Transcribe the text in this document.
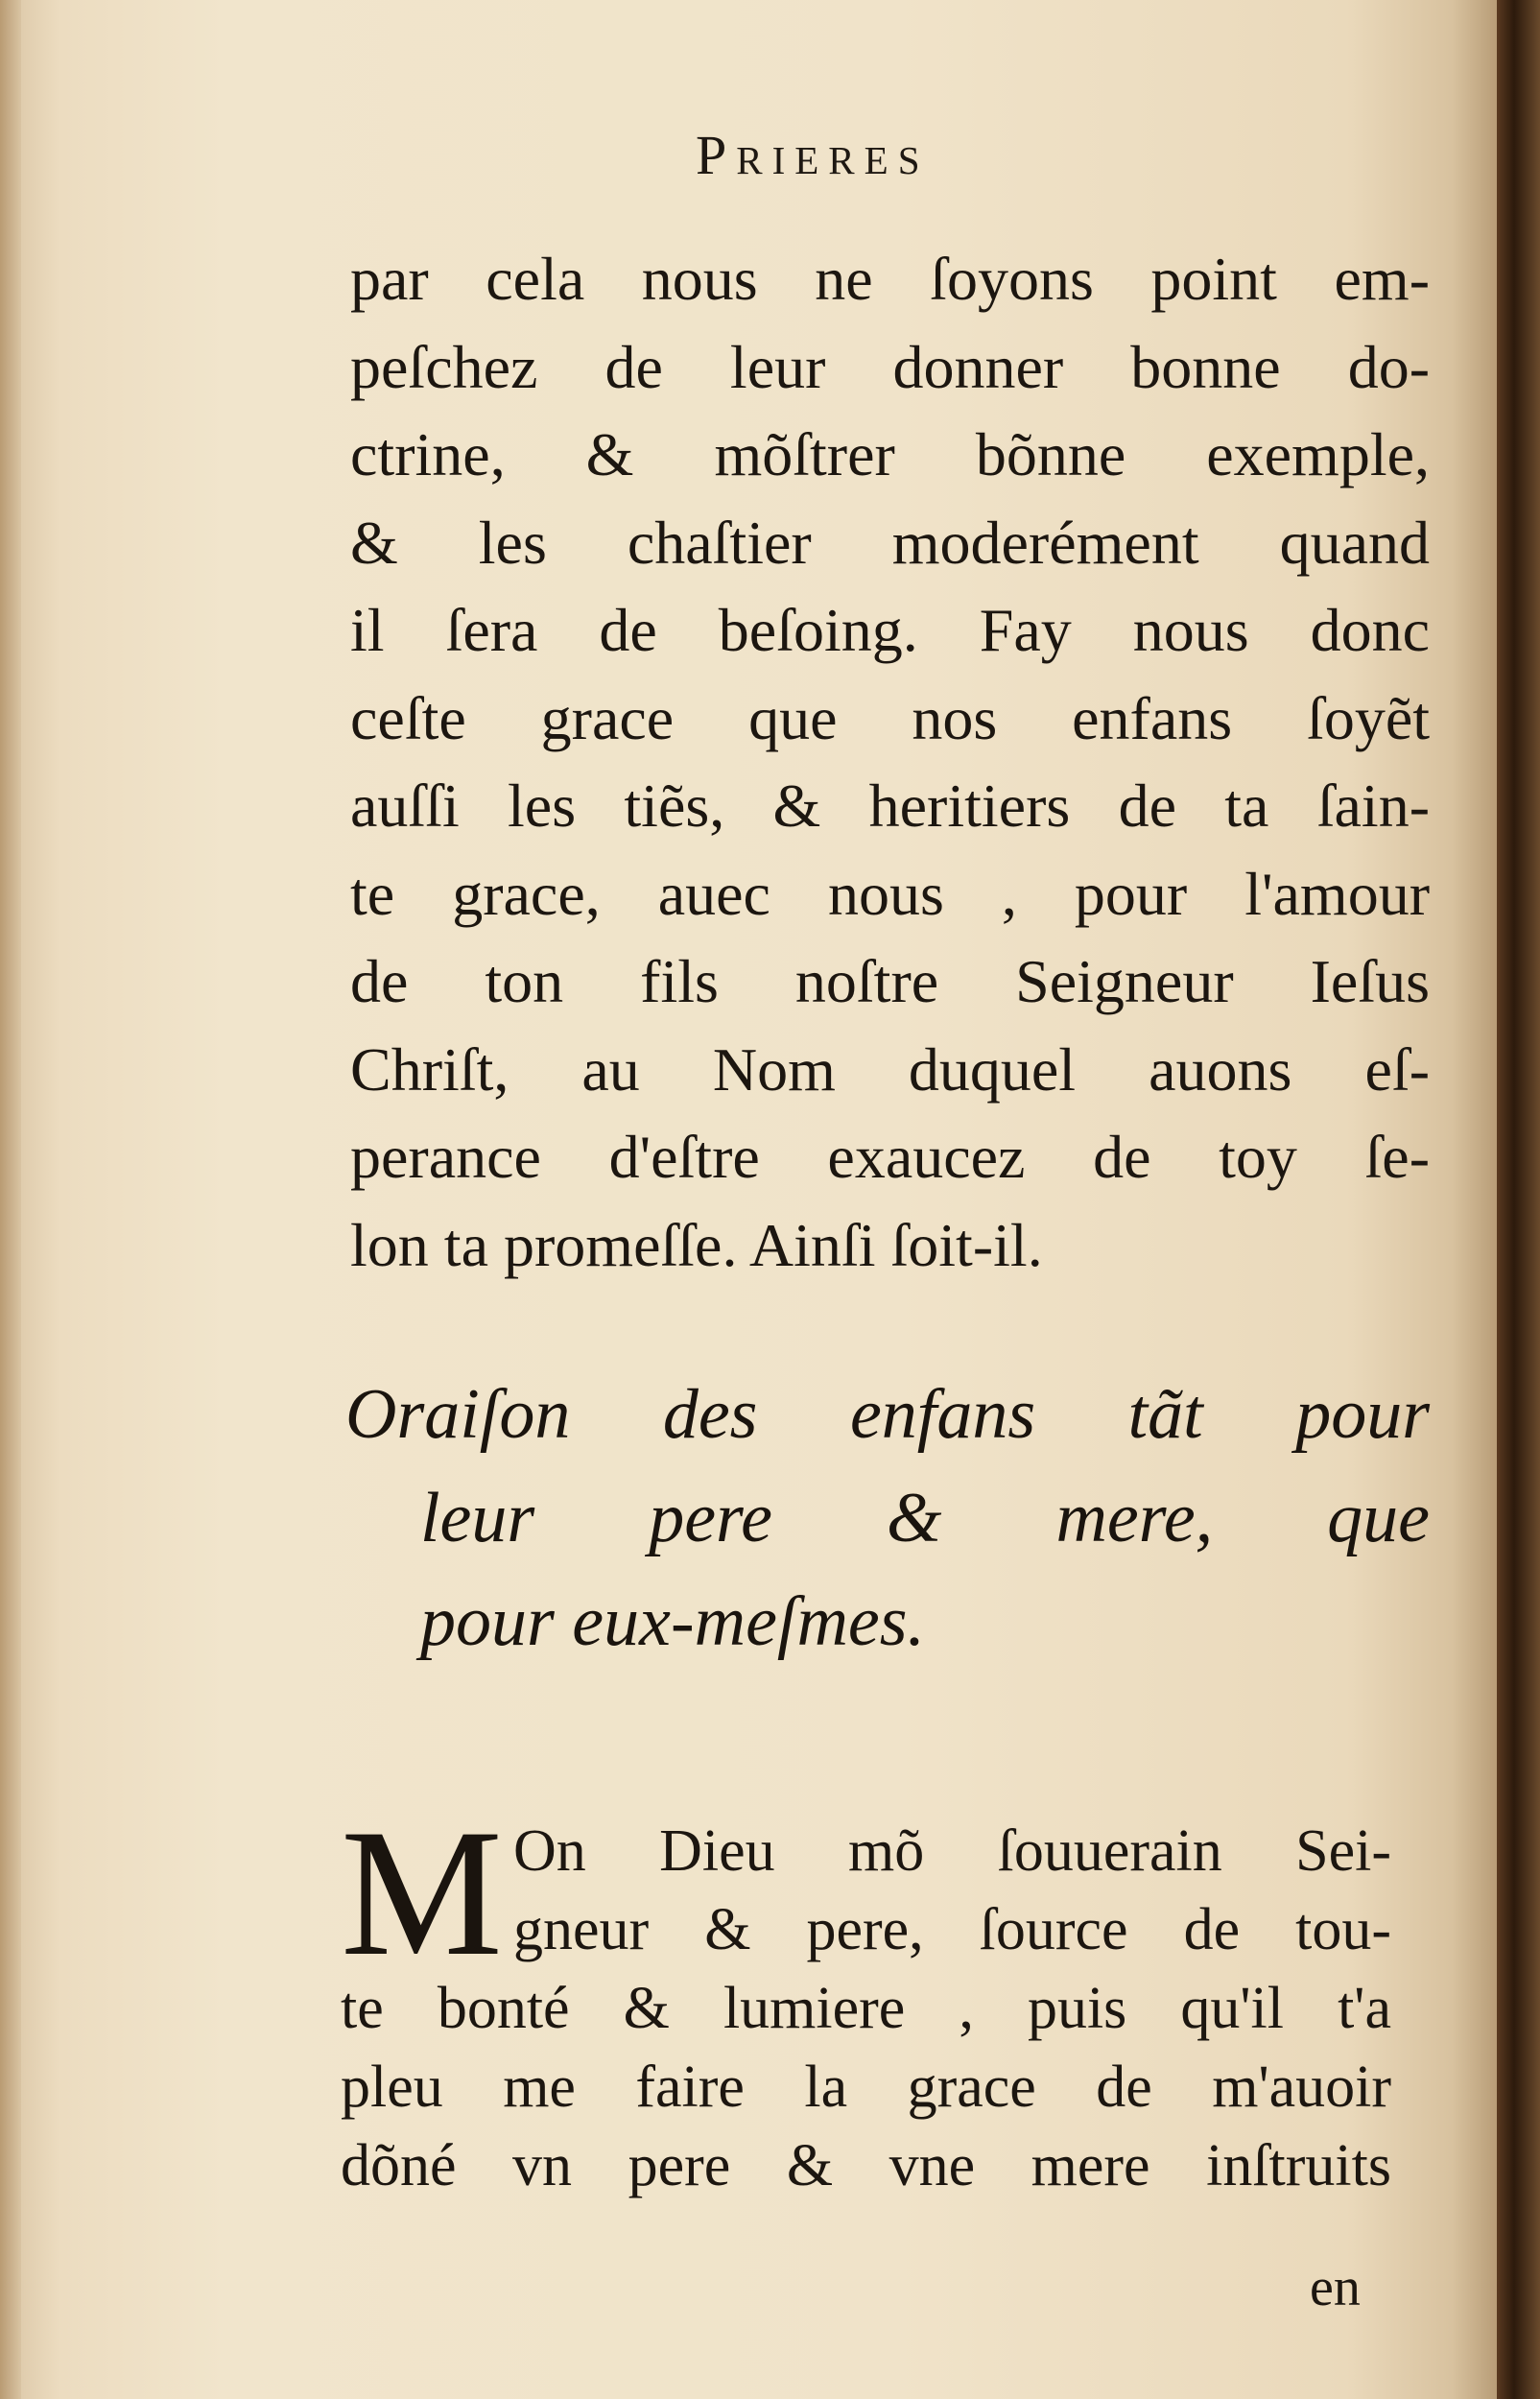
Prieres
par cela nous ne ſoyons point em-
peſchez de leur donner bonne do-
ctrine, & mõſtrer bõnne exemple,
& les chaſtier moderément quand
il ſera de beſoing. Fay nous donc
ceſte grace que nos enfans ſoyẽt
auſſi les tiẽs, & heritiers de ta ſain-
te grace, auec nous , pour l'amour
de ton fils noſtre Seigneur Ieſus
Chriſt, au Nom duquel auons eſ-
perance d'eſtre exaucez de toy ſe-
lon ta promeſſe. Ainſi ſoit-il.
Oraiſon des enfans tãt pour
leur pere & mere, que
pour eux-meſmes.
M On Dieu mõ ſouuerain Sei-
gneur & pere, ſource de tou-
te bonté & lumiere , puis qu'il t'a
pleu me faire la grace de m'auoir
dõné vn pere & vne mere inſtruits
en
